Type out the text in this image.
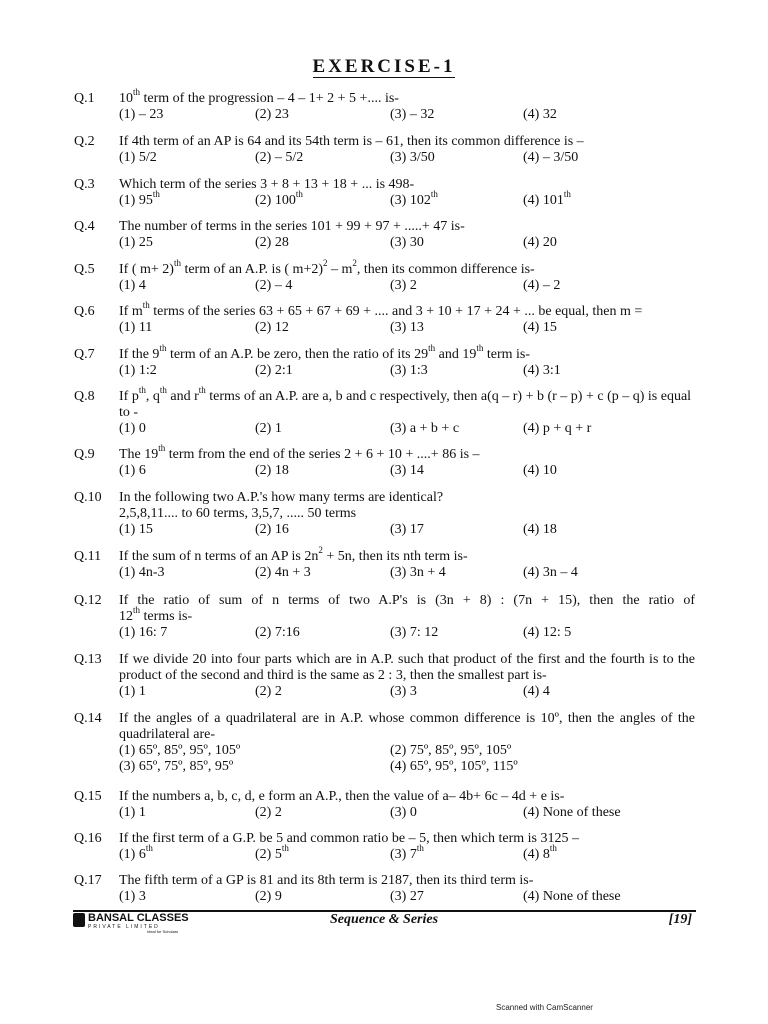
EXERCISE-1
Q.1 10th term of the progression – 4 – 1+ 2 + 5 +.... is-
(1) – 23	(2) 23	(3) – 32	(4) 32
Q.2 If 4th term of an AP is 64 and its 54th term is – 61, then its common difference is –
(1) 5/2	(2) – 5/2	(3) 3/50	(4) – 3/50
Q.3 Which term of the series 3 + 8 + 13 + 18 + ... is 498-
(1) 95th	(2) 100th	(3) 102th	(4) 101th
Q.4 The number of terms in the series 101 + 99 + 97 + .....+ 47 is-
(1) 25	(2) 28	(3) 30	(4) 20
Q.5 If ( m+ 2)$^{th}$ term of an A.P. is ( $m+2)^2 - m^2$, then its common difference is-
(1) 4	(2) – 4	(3) 2	(4) – 2
Q.6 If $m^{th}$ terms of the series 63 + 65 + 67 + 69 + .... and 3 + 10 + 17 + 24 + ... be equal, then m =
(1) 11	(2) 12	(3) 13	(4) 15
Q.7 If the 9th term of an A.P. be zero, then the ratio of its 29th and 19th term is-
(1) 1:2	(2) 2:1	(3) 1:3	(4) 3:1
Q.8 If $p^{th}$, $q^{th}$ and $r^{th}$ terms of an A.P. are a, b and c respectively, then a(q – r) + b (r – p) + c (p – q) is equal
to -
(1) 0	(2) 1	(3) a + b + c	(4) p + q + r
Q.9 The 19th term from the end of the series 2 + 6 + 10 + ....+ 86 is –
(1) 6	(2) 18	(3) 14	(4) 10
Q.10 In the following two A.P.'s how many terms are identical?
2,5,8,11.... to 60 terms, 3,5,7, ..... 50 terms
(1) 15	(2) 16	(3) 17	(4) 18
Q.11 If the sum of n terms of an AP is $2n^2 + 5n$, then its nth term is-
(1) 4n-3	(2) 4n + 3	(3) 3n + 4	(4) 3n – 4
Q.12 If the ratio of sum of n terms of two A.P's is (3n + 8) : (7n + 15), then the ratio of
12th terms is-
(1) 16: 7	(2) 7:16	(3) 7: 12	(4) 12: 5
Q.13 If we divide 20 into four parts which are in A.P. such that product of the first and the fourth is to the
product of the second and third is the same as 2 : 3, then the smallest part is-
(1) 1	(2) 2	(3) 3	(4) 4
Q.14 If the angles of a quadrilateral are in A.P. whose common difference is 10º, then the angles of the
quadrilateral are-
(1) 65º, 85º, 95º, 105º	(2) 75º, 85º, 95º, 105º
(3) 65º, 75º, 85º, 95º	(4) 65º, 95º, 105º, 115º
Q.15 If the numbers a, b, c, d, e form an A.P., then the value of a– 4b+ 6c – 4d + e is-
(1) 1	(2) 2	(3) 0	(4) None of these
Q.16 If the first term of a G.P. be 5 and common ratio be – 5, then which term is 3125 –
(1) 6th	(2) 5th	(3) 7th	(4) 8th
Q.17 The fifth term of a GP is 81 and its 8th term is 2187, then its third term is-
(1) 3	(2) 9	(3) 27	(4) None of these
BANSAL CLASSES
PRIVATE LIMITED
Ideal for Scholars
Sequence & Series	[19]
Scanned with CamScanner
